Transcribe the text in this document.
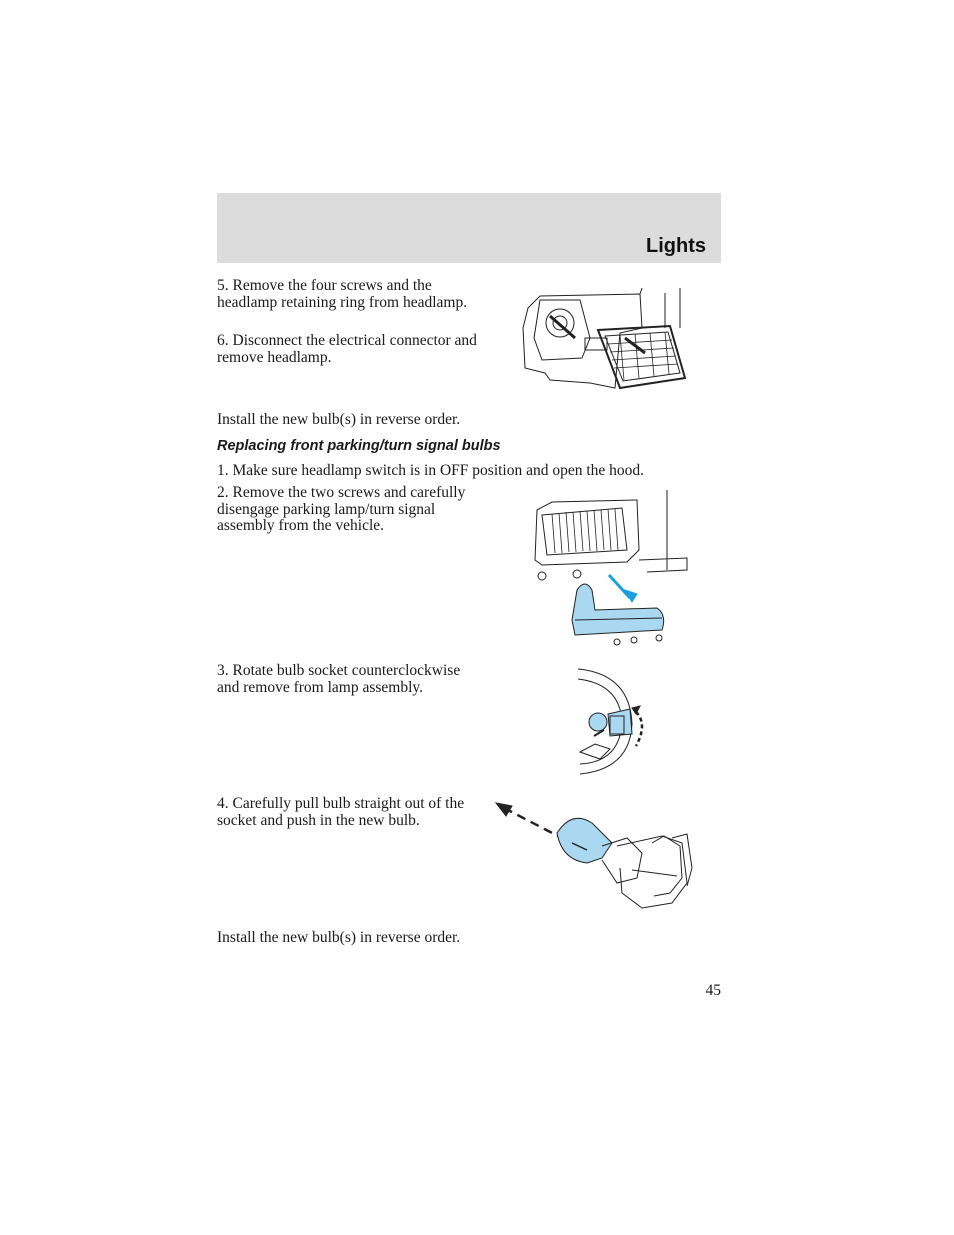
Lights

5. Remove the four screws and the headlamp retaining ring from headlamp.

6. Disconnect the electrical connector and remove headlamp.

Install the new bulb(s) in reverse order.

Replacing front parking/turn signal bulbs

1. Make sure headlamp switch is in OFF position and open the hood.

2. Remove the two screws and carefully disengage parking lamp/turn signal assembly from the vehicle.

3. Rotate bulb socket counterclockwise and remove from lamp assembly.

4. Carefully pull bulb straight out of the socket and push in the new bulb.

Install the new bulb(s) in reverse order.

45
